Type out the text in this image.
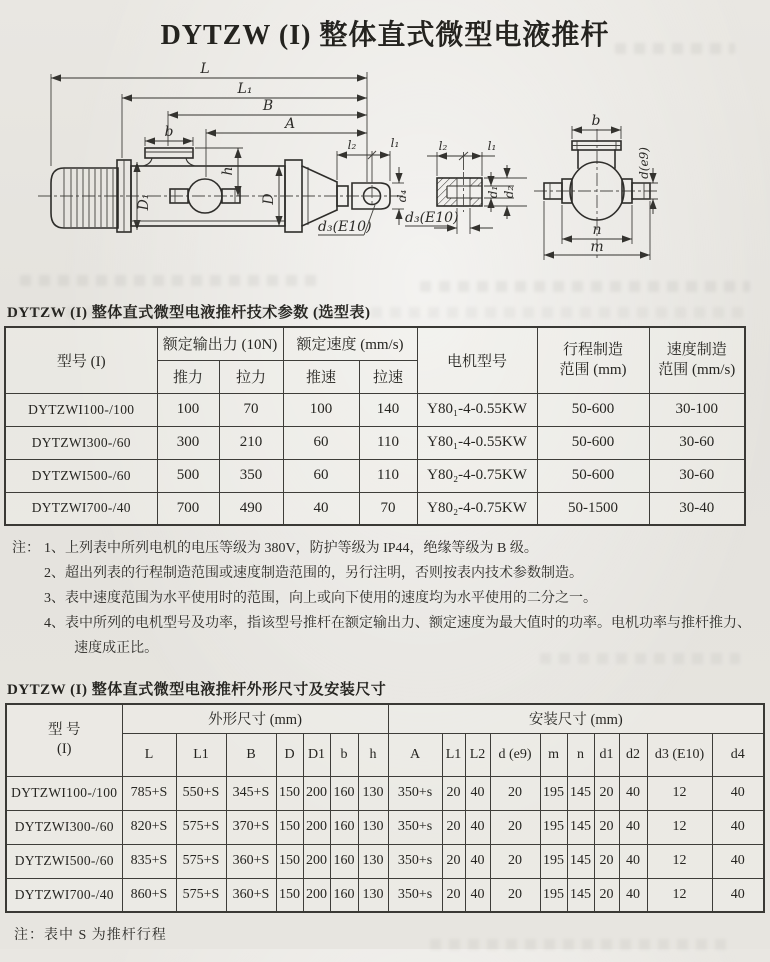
DYTZW (I) 整体直式微型电液推杆
D₁
L
L₁
B
A
b
h
D
l₂	l₁
d₄
d₃(E10)
l₂	l₁
d₁ d₂
d₃(E10)
b
d(e9)
n
m
DYTZW (I) 整体直式微型电液推杆技术参数 (选型表)
型号 (I)	额定输出力 (10N)		额定速度 (mm/s)		电机型号	行程制造
范围 (mm)	速度制造
范围 (mm/s)

	推力	拉力	推速	拉速			
DYTZWI100-/100	100	70	100	140	Y80₁-4-0.55KW	50-600	30-100
DYTZWI300-/60	300	210	60	110	Y80₁-4-0.55KW	50-600	30-60
DYTZWI500-/60	500	350	60	110	Y80₂-4-0.75KW	50-600	30-60
DYTZWI700-/40	700	490	40	70	Y80₂-4-0.75KW	50-1500	30-40
注： 1、上列表中所列电机的电压等级为 380V，防护等级为 IP44，绝缘等级为 B 级。
2、超出列表的行程制造范围或速度制造范围的，另行注明，否则按表内技术参数制造。
3、表中速度范围为水平使用时的范围，向上或向下使用的速度均为水平使用的二分之一。
4、表中所列的电机型号及功率，指该型号推杆在额定输出力、额定速度为最大值时的功率。电机功率与推杆推力、速度成正比。
DYTZW (I) 整体直式微型电液推杆外形尺寸及安装尺寸
型 号
(I)	外形尺寸 (mm)							安装尺寸 (mm)									
	L	L1	B	D	D1	b	h	A	L1	L2	d (e9)	m	n	d1	d2	d3 (E10)	d4
DYTZWI100-/100	785+S	550+S	345+S	150	200	160	130	350+s	20	40	20	195	145	20	40	12	40
DYTZWI300-/60	820+S	575+S	370+S	150	200	160	130	350+s	20	40	20	195	145	20	40	12	40
DYTZWI500-/60	835+S	575+S	360+S	150	200	160	130	350+s	20	40	20	195	145	20	40	12	40
DYTZWI700-/40	860+S	575+S	360+S	150	200	160	130	350+s	20	40	20	195	145	20	40	12	40
注：表中 S 为推杆行程
